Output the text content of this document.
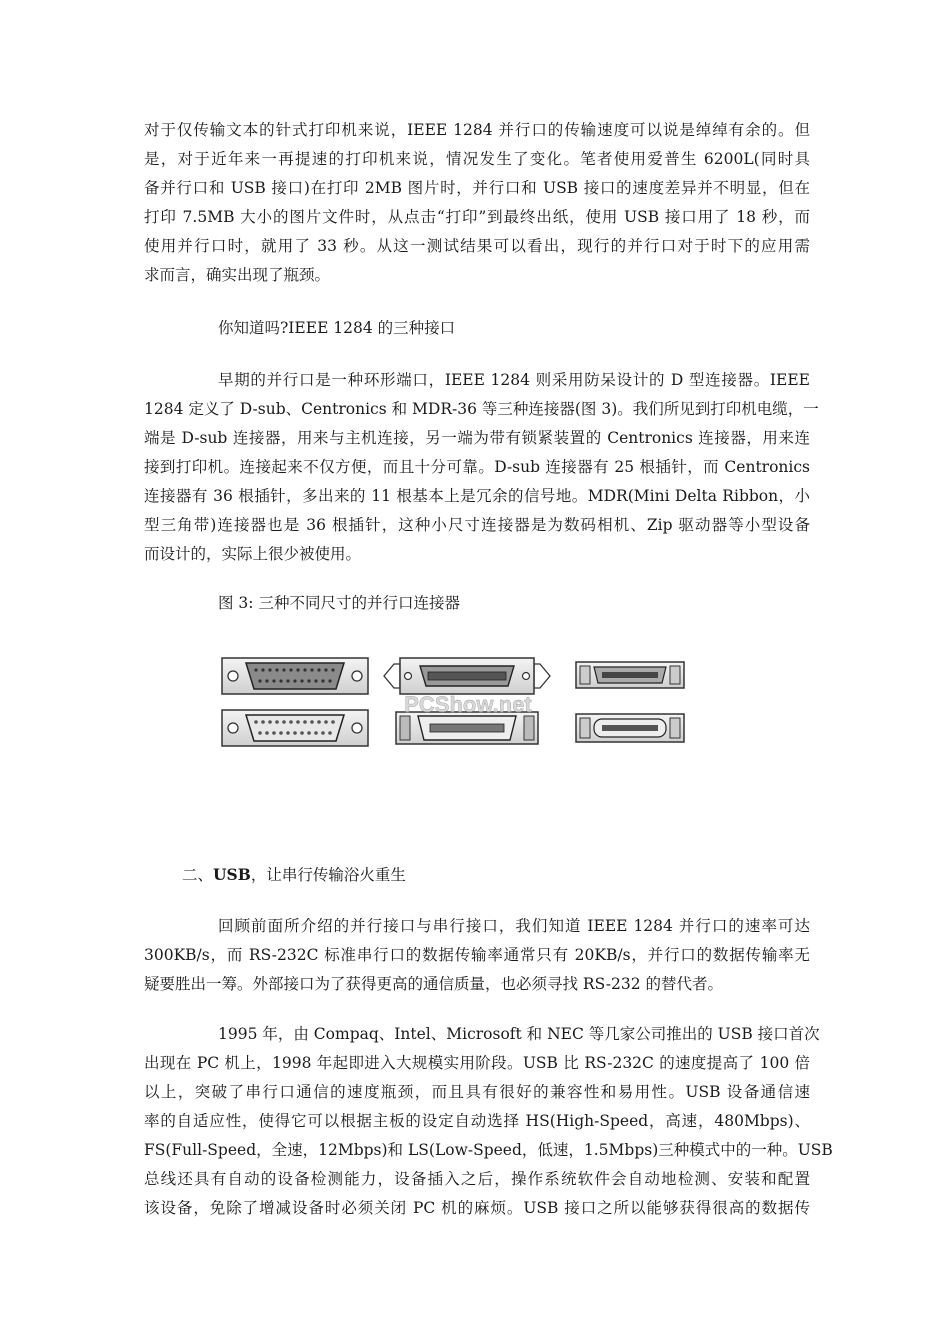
对于仅传输文本的针式打印机来说，IEEE 1284 并行口的传输速度可以说是绰绰有余的。但
是，对于近年来一再提速的打印机来说，情况发生了变化。笔者使用爱普生 6200L(同时具
备并行口和 USB 接口)在打印 2MB 图片时，并行口和 USB 接口的速度差异并不明显，但在
打印 7.5MB 大小的图片文件时，从点击“打印”到最终出纸，使用 USB 接口用了 18 秒，而
使用并行口时，就用了 33 秒。从这一测试结果可以看出，现行的并行口对于时下的应用需
求而言，确实出现了瓶颈。

你知道吗?IEEE 1284 的三种接口

早期的并行口是一种环形端口，IEEE 1284 则采用防呆设计的 D 型连接器。IEEE
1284 定义了 D-sub、Centronics 和 MDR-36 等三种连接器(图 3)。我们所见到打印机电缆，一
端是 D-sub 连接器，用来与主机连接，另一端为带有锁紧装置的 Centronics 连接器，用来连
接到打印机。连接起来不仅方便，而且十分可靠。D-sub 连接器有 25 根插针，而 Centronics
连接器有 36 根插针，多出来的 11 根基本上是冗余的信号地。MDR(Mini Delta Ribbon，小
型三角带)连接器也是 36 根插针，这种小尺寸连接器是为数码相机、Zip 驱动器等小型设备
而设计的，实际上很少被使用。

图 3: 三种不同尺寸的并行口连接器

PCShow.net

二、USB，让串行传输浴火重生

回顾前面所介绍的并行接口与串行接口，我们知道 IEEE 1284 并行口的速率可达
300KB/s，而 RS-232C 标准串行口的数据传输率通常只有 20KB/s，并行口的数据传输率无
疑要胜出一筹。外部接口为了获得更高的通信质量，也必须寻找 RS-232 的替代者。

1995 年，由 Compaq、Intel、Microsoft 和 NEC 等几家公司推出的 USB 接口首次
出现在 PC 机上，1998 年起即进入大规模实用阶段。USB 比 RS-232C 的速度提高了 100 倍
以上，突破了串行口通信的速度瓶颈，而且具有很好的兼容性和易用性。USB 设备通信速
率的自适应性，使得它可以根据主板的设定自动选择 HS(High-Speed，高速，480Mbps)、
FS(Full-Speed，全速，12Mbps)和 LS(Low-Speed，低速，1.5Mbps)三种模式中的一种。USB
总线还具有自动的设备检测能力，设备插入之后，操作系统软件会自动地检测、安装和配置
该设备，免除了增减设备时必须关闭 PC 机的麻烦。USB 接口之所以能够获得很高的数据传
